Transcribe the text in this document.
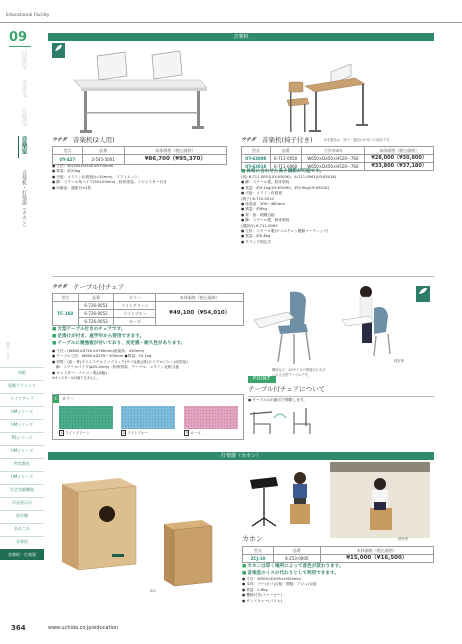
Educational Facility
09
技術室
美術室
音楽室
音楽室
音楽机・打楽器（カホン）
備品・生活
黒板
電動ブラインド
マイクアップ
UMシリーズ
UMシリーズ
PSシリーズ
UMシリーズ
特別教室
UMシリーズ
生活実験機器
作品展示台
保存棚
あれこれ
音楽机
音楽机・打楽器
364	www.uchida.co.jp/education
音楽机
ウチダ 音楽机(2人用)
型式	品番	本体価格（税込価格）
UY-427	2-543-5001	¥86,700（¥95,370）
● 寸法：W1500×D500×H700mm
● 質量：約20kg
● 天板：メラミン化粧板(t=24mm)、ソフトエッジ
● 脚：スチール角パイプ(30×25mm)、粉体塗装、アジャスター付き
● 付属品：譜面台×2枚
ウチダ 音楽机(椅子付き)	※本製品は、椅子・譜面台が付いた商品です。
型式	品番	寸法(mm)	本体価格（税込価格）
UY-6300K	6-711-0050	W650×D450×H520〜760	¥28,000（¥30,800）
UY-6301K	6-711-0060	W650×D450×H520〜760	¥33,800（¥37,180）
■ 体格に合わせた高さ調節が可能です。
(机) 6-711-0051(UY-6300K)、6-711-0061(UY-6301K)
● 脚：スチール製、粉体塗装
● 質量：約9.1kg(UY-6300K)、約9.9kg(UY-6301K)
● 天板：メラミン化粧板
(椅子) 6-710-0010
● 座面高：300〜460mm
● 質量：約6kg
● 背・座：積層合板
● 脚：スチール製、粉体塗装
(譜面台) 6-711-0063
● 立材：スチール製(ポリエチレン樹脂コーティング)
● 質量：約0.8kg
● クランプ固定式
ウチダ テーブル付チェア
型式	品番	カラー	本体価格（税込価格）
TC-160	6-726-0051	ライトグリーン	¥49,100（¥54,010）
	6-726-0052	ライトブルー	
	6-726-0053	ローズ	
■ 大型テーブル付きのチェアです。
■ 足掛けが付き、座学年から使用できます。
■ テーブルに補強板が付いており、安定感・耐久性があります。
● 寸法：(W600×D720×H780mm(座面高：430mm)
● テーブル寸法：W600×D295〜300mm ●質量：10.1kg
● 材質：(座・背)ポリエステルファブリック(サブ)(座)(背)ポリプロピレン(成形品)
脚：スチールパイプ(φ25.4mm)・粉体塗装、テーブル：メラミン化粧合板
● キャスター：ナイロン製(双輪)
※キャスターは付属できません。
C	カラー
1 ライトグリーン	2 ライトブルー	3 ローズ
構造など、A3サイズの図面がひろげられる大型テーブルです。
教室例
POINT
テーブル付チェアについて
● テーブルは右動式で開閉します。
打楽器（カホン）
ZCJ
使用例
カホン
型式	品番	本体価格（税込価格）
ZCJ-10	8-253-0000	¥15,000（¥16,500）
■ カホンは叩く場所によって音色が変わります。
■ 音楽室のイスの代わりとして利用できます。
● 寸法：W300×D295×H420mm
● 本体：ブナ(カバ)合板、側板：アジュ(合板
● 質量：2.8kg
● 響線付き(スナービー)
● サンドキャー(バリル)
